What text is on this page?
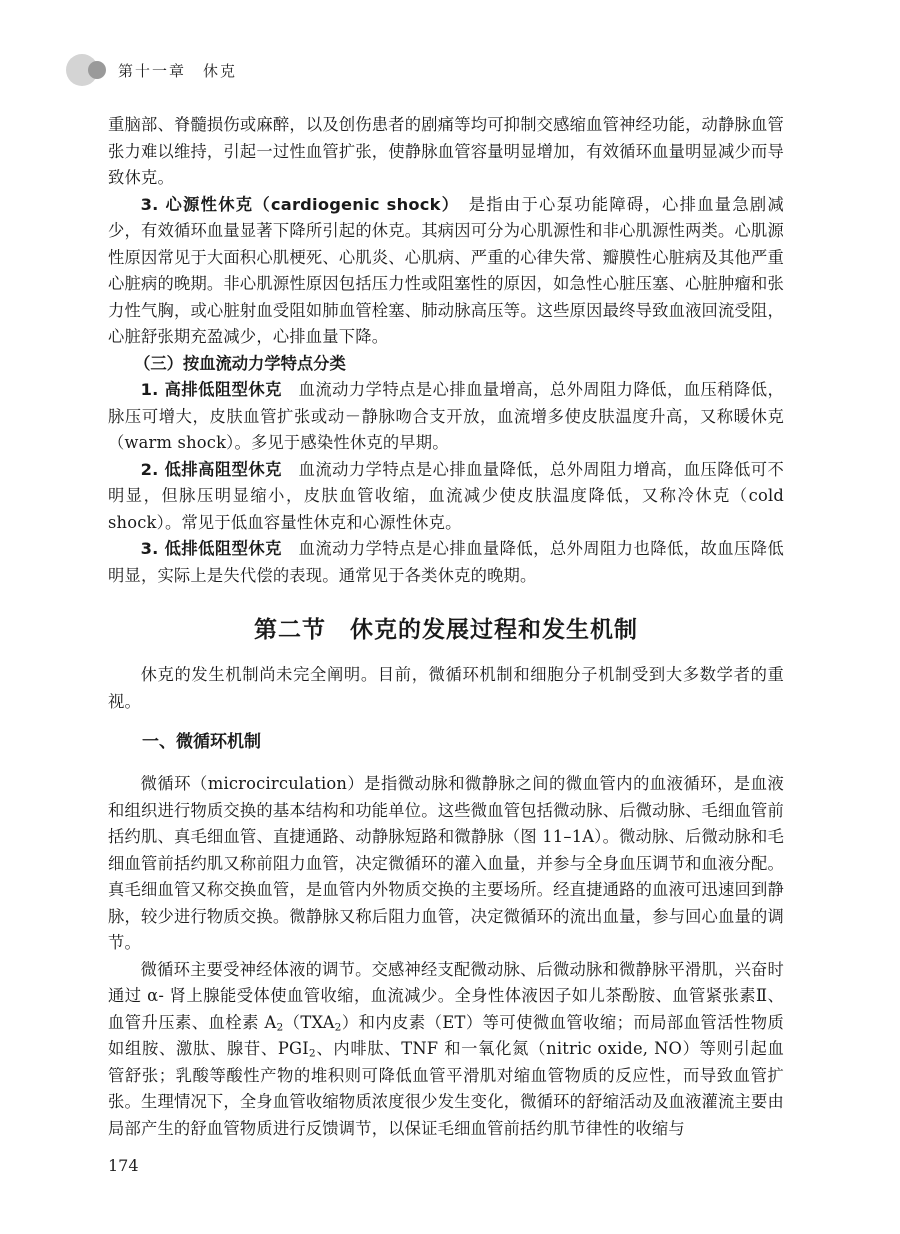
第十一章　休克

重脑部、脊髓损伤或麻醉，以及创伤患者的剧痛等均可抑制交感缩血管神经功能，动静脉血管张力难以维持，引起一过性血管扩张，使静脉血管容量明显增加，有效循环血量明显减少而导致休克。

3. 心源性休克（cardiogenic shock）　 是指由于心泵功能障碍，心排血量急剧减少，有效循环血量显著下降所引起的休克。其病因可分为心肌源性和非心肌源性两类。心肌源性原因常见于大面积心肌梗死、心肌炎、心肌病、严重的心律失常、瓣膜性心脏病及其他严重心脏病的晚期。非心肌源性原因包括压力性或阻塞性的原因，如急性心脏压塞、心脏肿瘤和张力性气胸，或心脏射血受阻如肺血管栓塞、肺动脉高压等。这些原因最终导致血液回流受阻，心脏舒张期充盈减少，心排血量下降。

（三）按血流动力学特点分类

1. 高排低阻型休克　 血流动力学特点是心排血量增高，总外周阻力降低，血压稍降低，脉压可增大，皮肤血管扩张或动－静脉吻合支开放，血流增多使皮肤温度升高，又称暖休克（warm shock）。多见于感染性休克的早期。

2. 低排高阻型休克　 血流动力学特点是心排血量降低，总外周阻力增高，血压降低可不明显，但脉压明显缩小，皮肤血管收缩，血流减少使皮肤温度降低，又称冷休克（cold shock）。常见于低血容量性休克和心源性休克。

3. 低排低阻型休克　 血流动力学特点是心排血量降低，总外周阻力也降低，故血压降低明显，实际上是失代偿的表现。通常见于各类休克的晚期。

第二节　休克的发展过程和发生机制

休克的发生机制尚未完全阐明。目前，微循环机制和细胞分子机制受到大多数学者的重视。

一、微循环机制

微循环（microcirculation）是指微动脉和微静脉之间的微血管内的血液循环，是血液和组织进行物质交换的基本结构和功能单位。这些微血管包括微动脉、后微动脉、毛细血管前括约肌、真毛细血管、直捷通路、动静脉短路和微静脉（图 11–1A）。微动脉、后微动脉和毛细血管前括约肌又称前阻力血管，决定微循环的灌入血量，并参与全身血压调节和血液分配。真毛细血管又称交换血管，是血管内外物质交换的主要场所。经直捷通路的血液可迅速回到静脉，较少进行物质交换。微静脉又称后阻力血管，决定微循环的流出血量，参与回心血量的调节。

微循环主要受神经体液的调节。交感神经支配微动脉、后微动脉和微静脉平滑肌，兴奋时通过 α- 肾上腺能受体使血管收缩，血流减少。全身性体液因子如儿茶酚胺、血管紧张素Ⅱ、血管升压素、血栓素 $A_2(TXA_2)$和内皮素（ET）等可使微血管收缩；而局部血管活性物质如组胺、激肽、腺苷、$PGI_2$、内啡肽、TNF 和一氧化氮（nitric oxide, NO）等则引起血管舒张；乳酸等酸性产物的堆积则可降低血管平滑肌对缩血管物质的反应性，而导致血管扩张。生理情况下，全身血管收缩物质浓度很少发生变化，微循环的舒缩活动及血液灌流主要由局部产生的舒血管物质进行反馈调节，以保证毛细血管前括约肌节律性的收缩与

174
